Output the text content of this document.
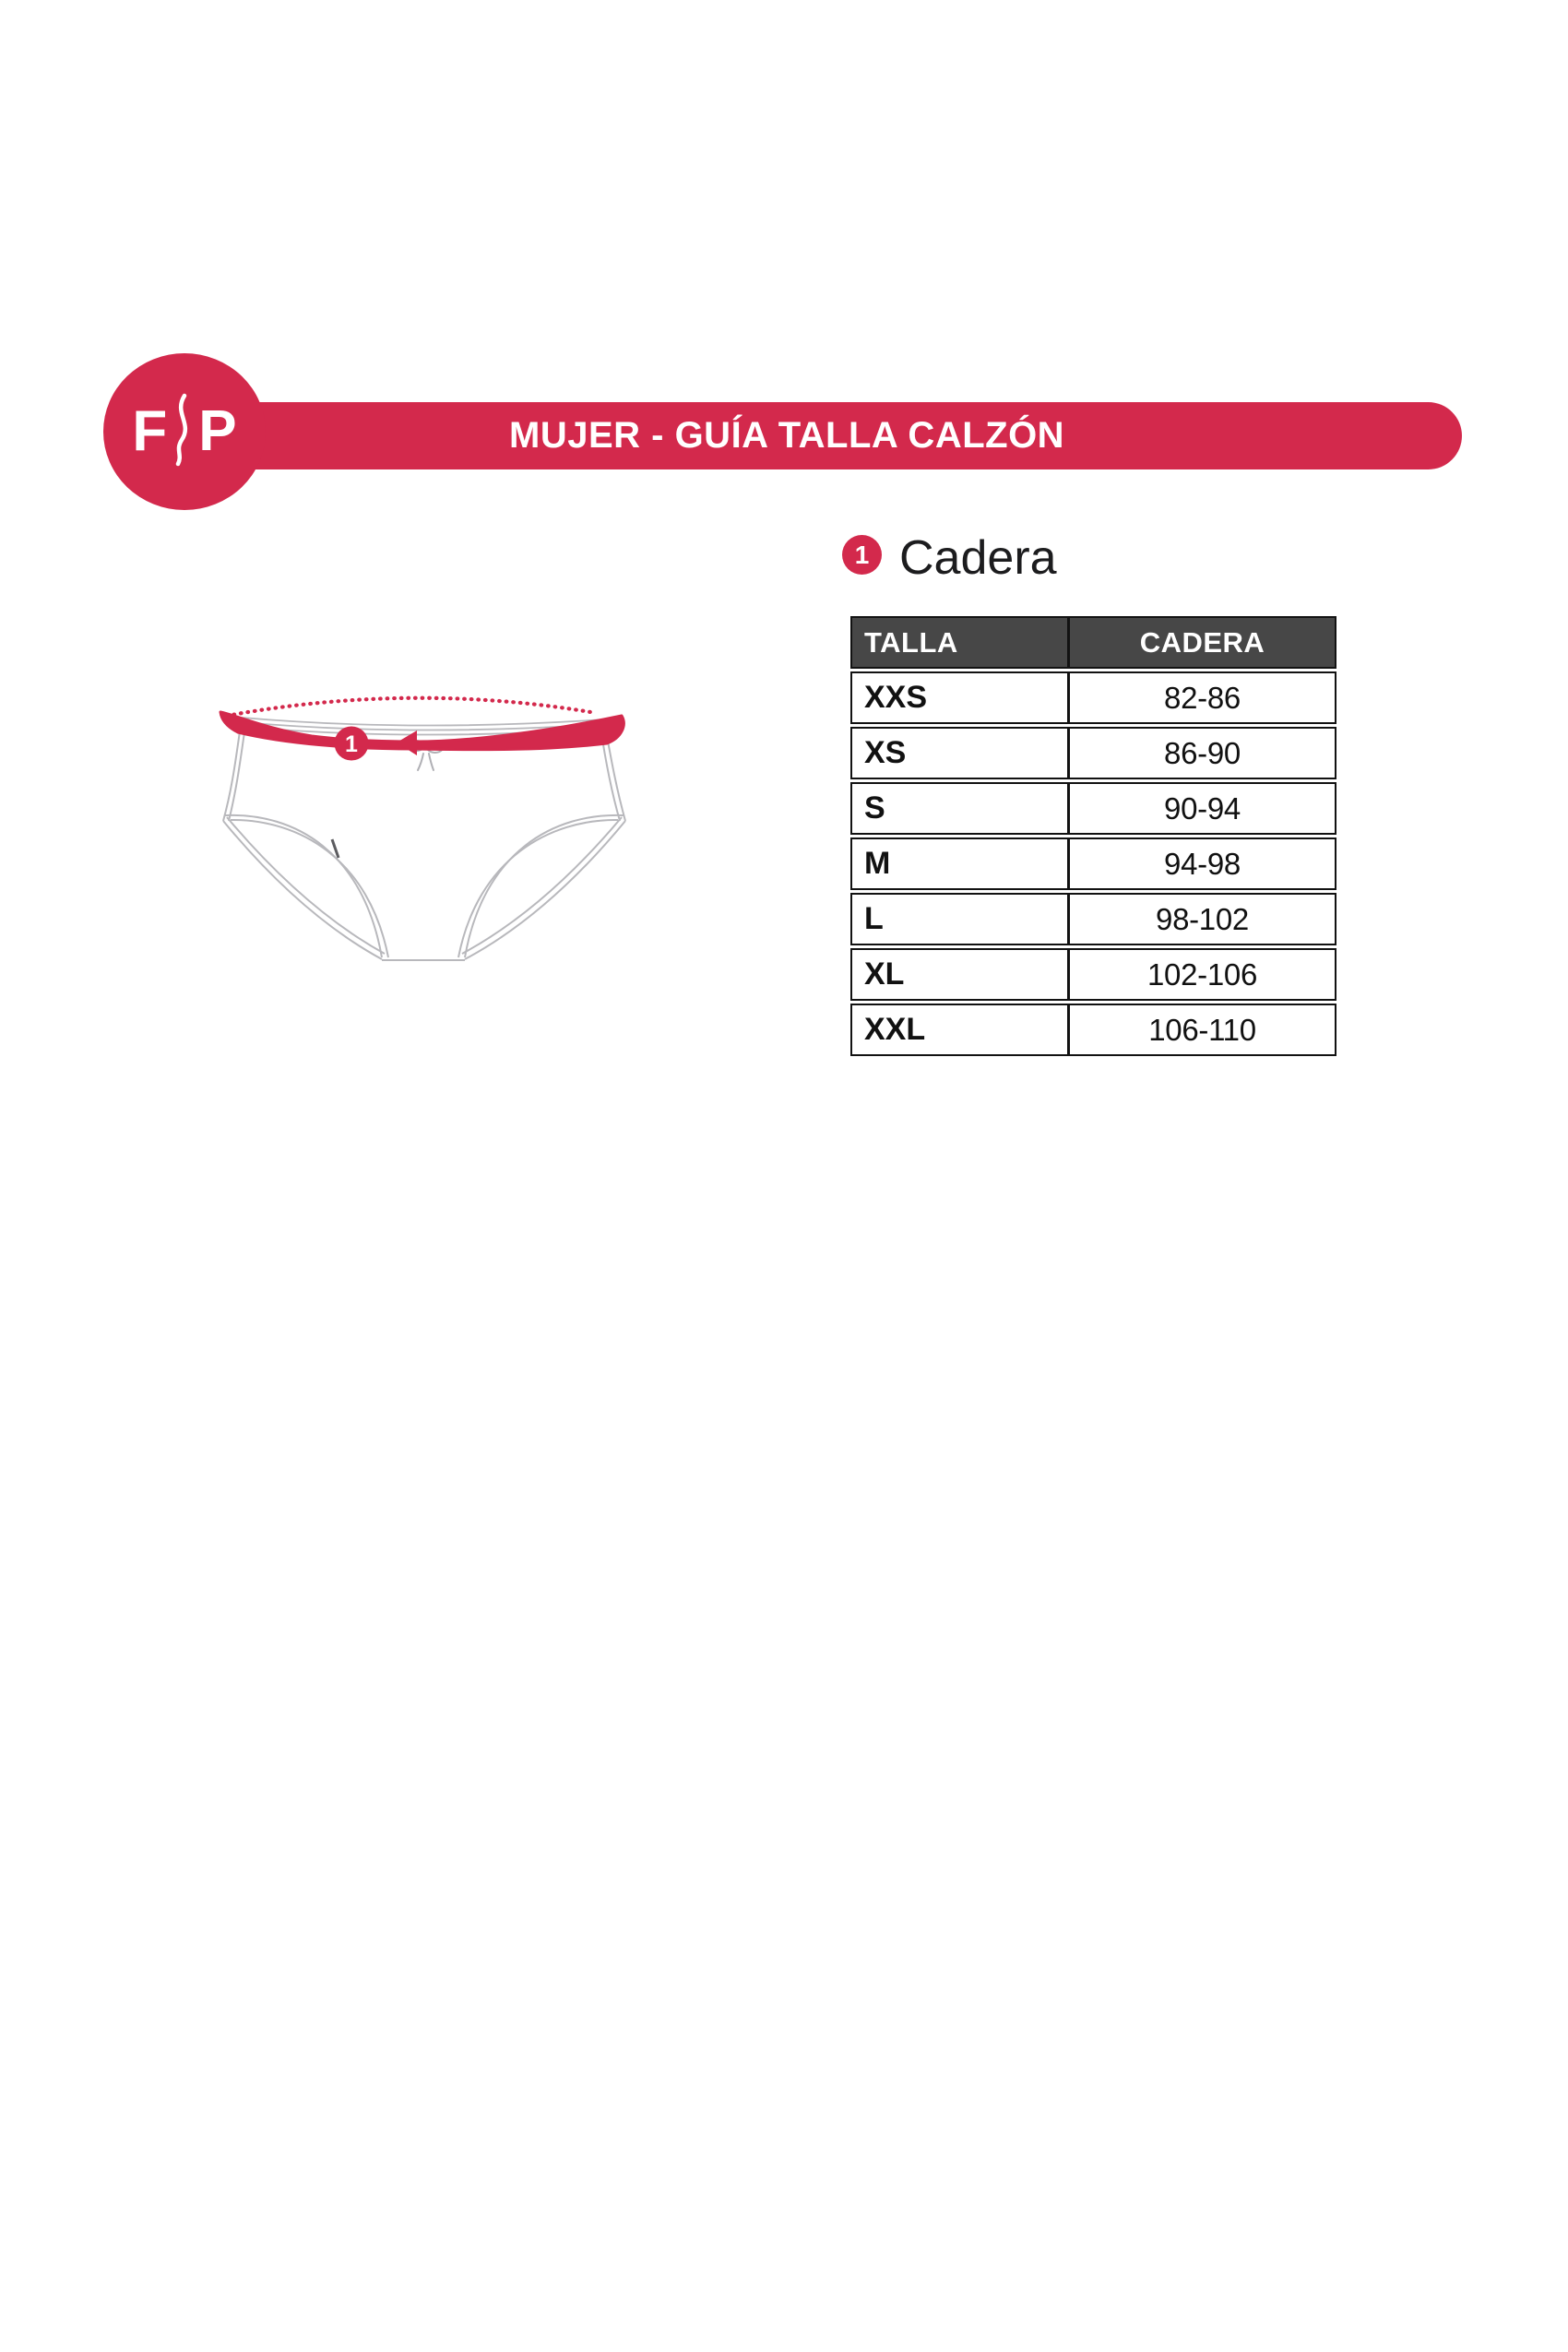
MUJER - GUÍA TALLA CALZÓN
F P
1 Cadera
TALLA	CADERA
XXS	82-86
XS	86-90
S	90-94
M	94-98
L	98-102
XL	102-106
XXL	106-110
1
